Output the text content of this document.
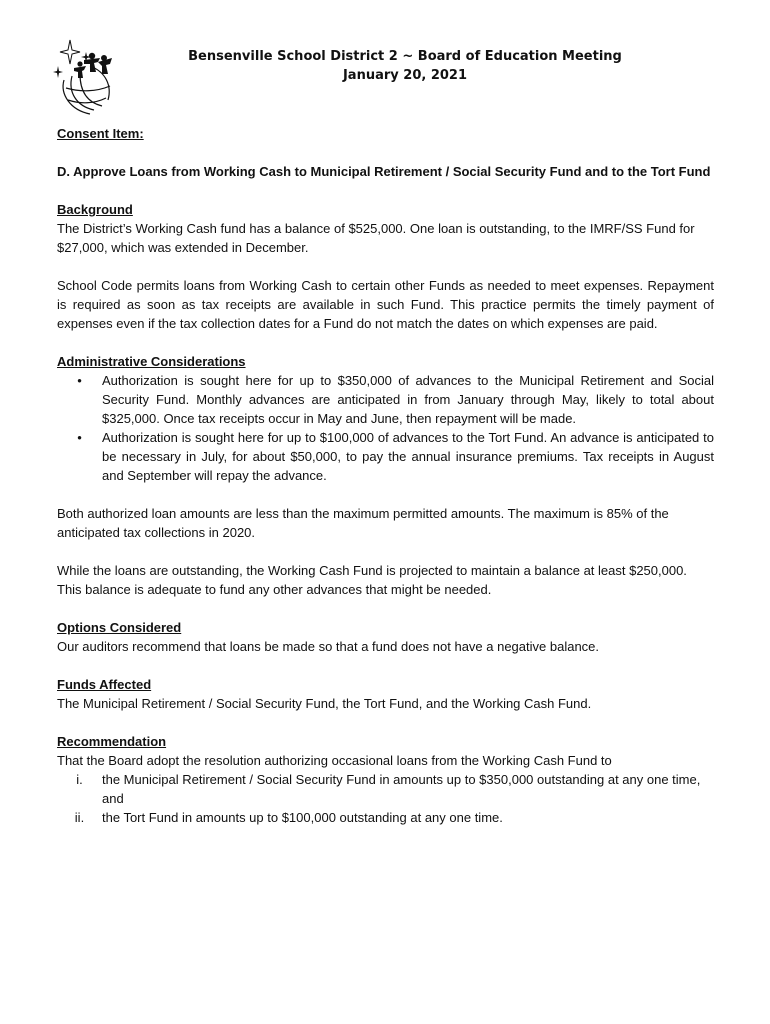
Bensenville School District 2 ~ Board of Education Meeting
January 20, 2021

Consent Item:

D. Approve Loans from Working Cash to Municipal Retirement / Social Security Fund and to the Tort Fund

Background

The District’s Working Cash fund has a balance of $525,000. One loan is outstanding, to the IMRF/SS Fund for $27,000, which was extended in December.

School Code permits loans from Working Cash to certain other Funds as needed to meet expenses. Repayment is required as soon as tax receipts are available in such Fund. This practice permits the timely payment of expenses even if the tax collection dates for a Fund do not match the dates on which expenses are paid.

Administrative Considerations

•	Authorization is sought here for up to $350,000 of advances to the Municipal Retirement and Social Security Fund. Monthly advances are anticipated in from January through May, likely to total about $325,000. Once tax receipts occur in May and June, then repayment will be made.
•	Authorization is sought here for up to $100,000 of advances to the Tort Fund. An advance is anticipated to be necessary in July, for about $50,000, to pay the annual insurance premiums. Tax receipts in August and September will repay the advance.

Both authorized loan amounts are less than the maximum permitted amounts. The maximum is 85% of the anticipated tax collections in 2020.

While the loans are outstanding, the Working Cash Fund is projected to maintain a balance at least $250,000. This balance is adequate to fund any other advances that might be needed.

Options Considered

Our auditors recommend that loans be made so that a fund does not have a negative balance.

Funds Affected

The Municipal Retirement / Social Security Fund, the Tort Fund, and the Working Cash Fund.

Recommendation

That the Board adopt the resolution authorizing occasional loans from the Working Cash Fund to

i.	the Municipal Retirement / Social Security Fund in amounts up to $350,000 outstanding at any one time, and
ii.	the Tort Fund in amounts up to $100,000 outstanding at any one time.
